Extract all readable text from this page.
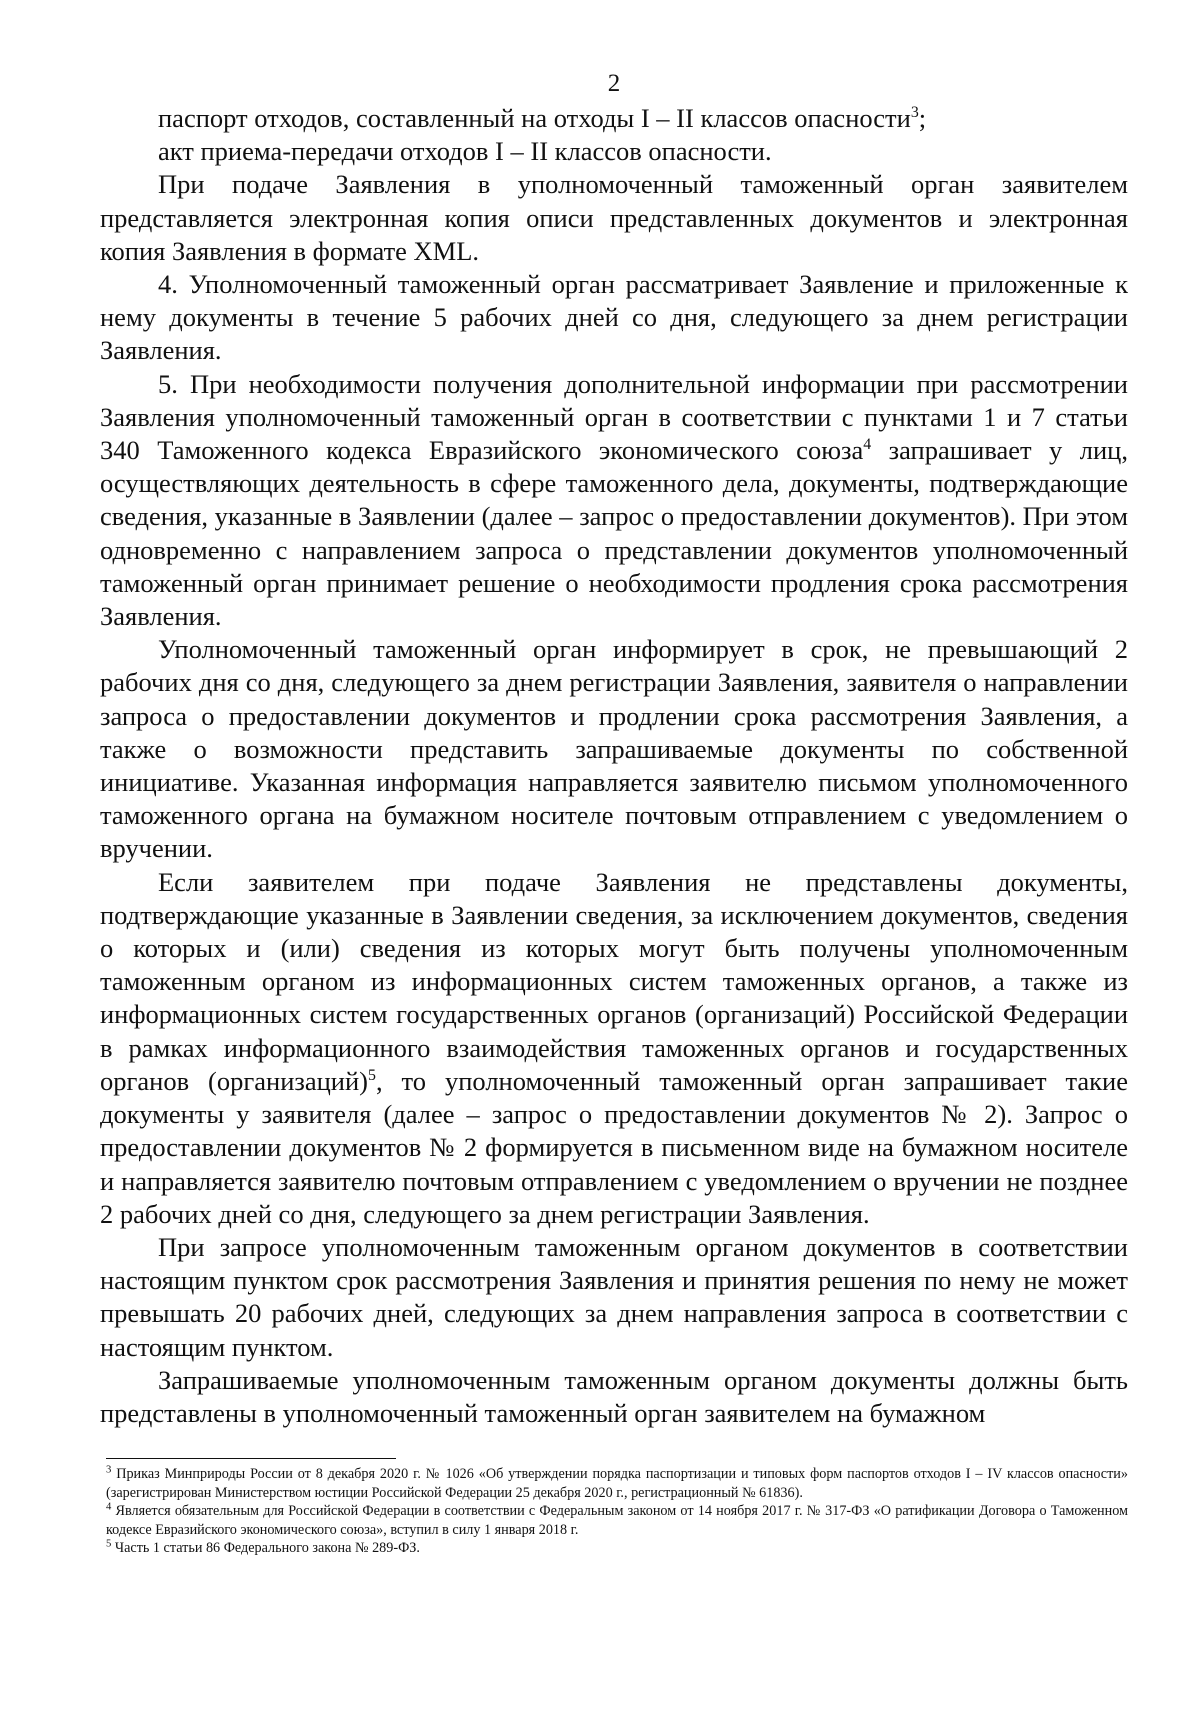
2

паспорт отходов, составленный на отходы I – II классов опасности$^3$;

акт приема-передачи отходов I – II классов опасности.

При подаче Заявления в уполномоченный таможенный орган заявителем представляется электронная копия описи представленных документов и электронная копия Заявления в формате XML.

4. Уполномоченный таможенный орган рассматривает Заявление и приложенные к нему документы в течение 5 рабочих дней со дня, следующего за днем регистрации Заявления.

5. При необходимости получения дополнительной информации при рассмотрении Заявления уполномоченный таможенный орган в соответствии с пунктами 1 и 7 статьи 340 Таможенного кодекса Евразийского экономического союза$^4$ запрашивает у лиц, осуществляющих деятельность в сфере таможенного дела, документы, подтверждающие сведения, указанные в Заявлении (далее – запрос о предоставлении документов). При этом одновременно с направлением запроса о представлении документов уполномоченный таможенный орган принимает решение о необходимости продления срока рассмотрения Заявления.

Уполномоченный таможенный орган информирует в срок, не превышающий 2 рабочих дня со дня, следующего за днем регистрации Заявления, заявителя о направлении запроса о предоставлении документов и продлении срока рассмотрения Заявления, а также о возможности представить запрашиваемые документы по собственной инициативе. Указанная информация направляется заявителю письмом уполномоченного таможенного органа на бумажном носителе почтовым отправлением с уведомлением о вручении.

Если заявителем при подаче Заявления не представлены документы, подтверждающие указанные в Заявлении сведения, за исключением документов, сведения о которых и (или) сведения из которых могут быть получены уполномоченным таможенным органом из информационных систем таможенных органов, а также из информационных систем государственных органов (организаций) Российской Федерации в рамках информационного взаимодействия таможенных органов и государственных органов (организаций)$^5$, то уполномоченный таможенный орган запрашивает такие документы у заявителя (далее – запрос о предоставлении документов № 2). Запрос о предоставлении документов № 2 формируется в письменном виде на бумажном носителе и направляется заявителю почтовым отправлением с уведомлением о вручении не позднее 2 рабочих дней со дня, следующего за днем регистрации Заявления.

При запросе уполномоченным таможенным органом документов в соответствии настоящим пунктом срок рассмотрения Заявления и принятия решения по нему не может превышать 20 рабочих дней, следующих за днем направления запроса в соответствии с настоящим пунктом.

Запрашиваемые уполномоченным таможенным органом документы должны быть представлены в уполномоченный таможенный орган заявителем на бумажном

$^3$ Приказ Минприроды России от 8 декабря 2020 г. № 1026 «Об утверждении порядка паспортизации и типовых форм паспортов отходов I – IV классов опасности» (зарегистрирован Министерством юстиции Российской Федерации 25 декабря 2020 г., регистрационный № 61836).

$^4$ Является обязательным для Российской Федерации в соответствии с Федеральным законом от 14 ноября 2017 г. № 317-ФЗ «О ратификации Договора о Таможенном кодексе Евразийского экономического союза», вступил в силу 1 января 2018 г.

$^5$ Часть 1 статьи 86 Федерального закона № 289-ФЗ.
